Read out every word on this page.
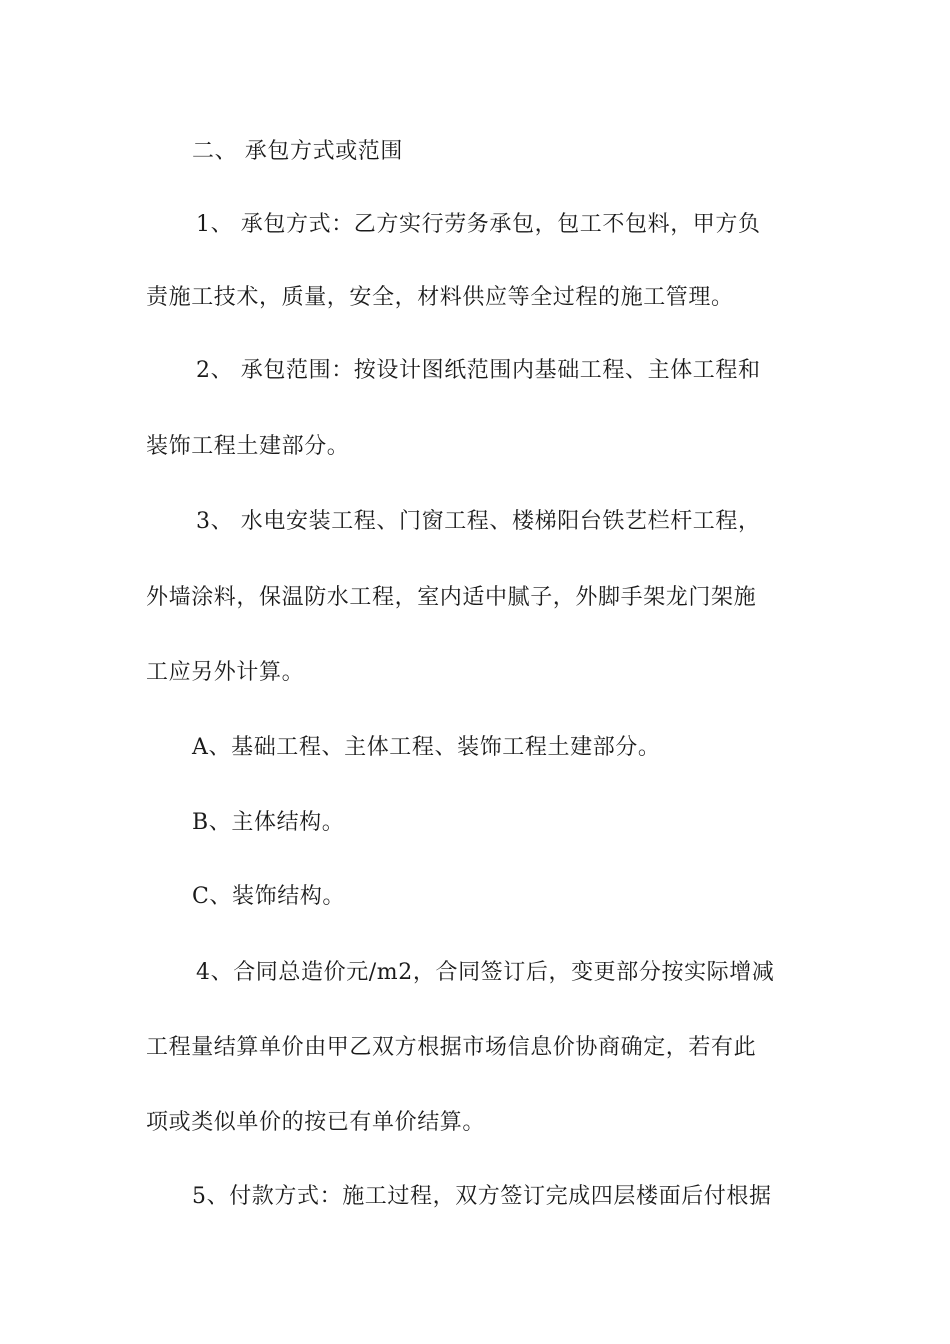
二、 承包方式或范围
1、 承包方式：乙方实行劳务承包，包工不包料，甲方负
责施工技术，质量，安全，材料供应等全过程的施工管理。
2、 承包范围：按设计图纸范围内基础工程、主体工程和
装饰工程土建部分。
3、 水电安装工程、门窗工程、楼梯阳台铁艺栏杆工程，
外墙涂料，保温防水工程，室内适中腻子，外脚手架龙门架施
工应另外计算。
A、基础工程、主体工程、装饰工程土建部分。
B、主体结构。
C、装饰结构。
4、合同总造价元/m2，合同签订后，变更部分按实际增减
工程量结算单价由甲乙双方根据市场信息价协商确定，若有此
项或类似单价的按已有单价结算。
5、付款方式：施工过程，双方签订完成四层楼面后付根据
